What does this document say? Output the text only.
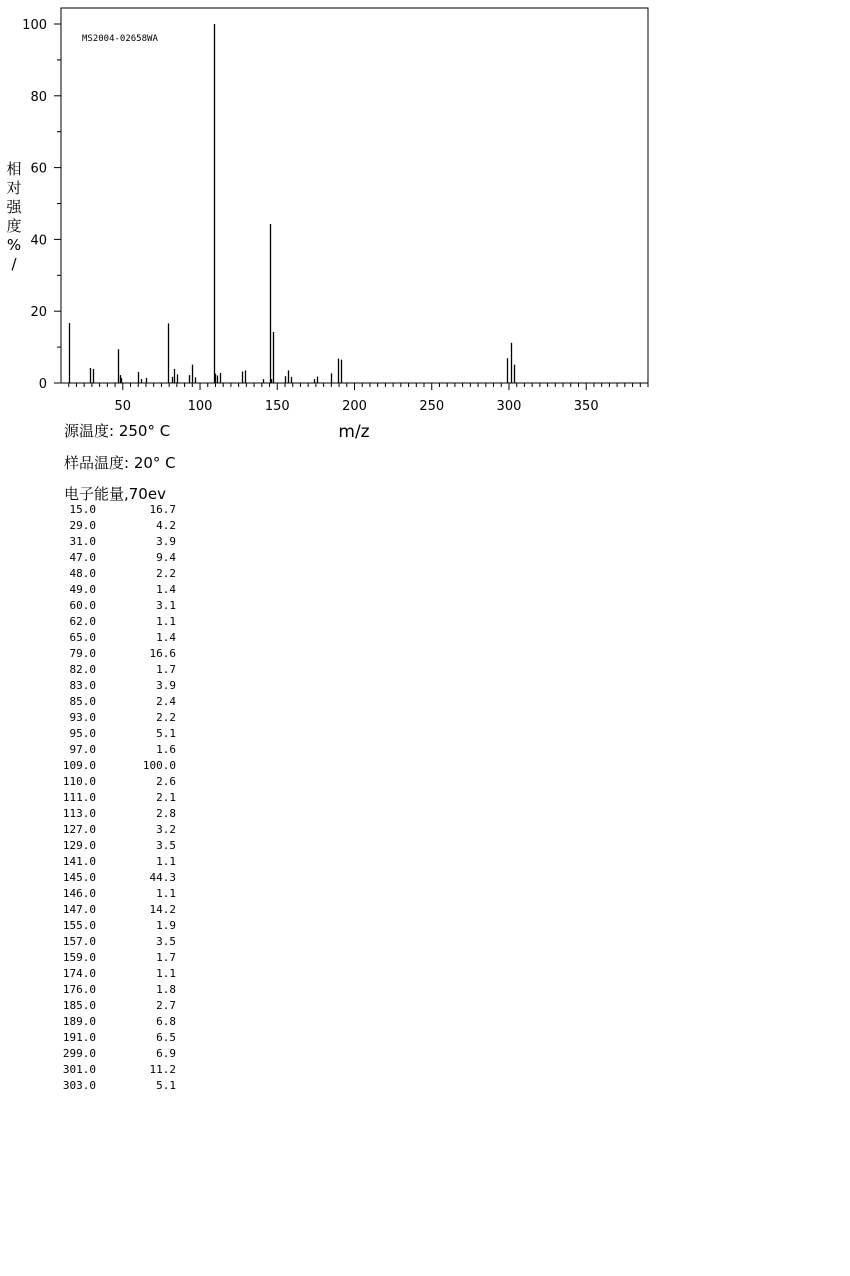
50	100	150	200	250	300	350
0
20
40
60
80
100
相对强度% /
m/z
MS2004-02658WA
源温度: 250° C
样品温度: 20° C
电子能量,70ev
15.0	16.7
29.0	4.2
31.0	3.9
47.0	9.4
48.0	2.2
49.0	1.4
60.0	3.1
62.0	1.1
65.0	1.4
79.0	16.6
82.0	1.7
83.0	3.9
85.0	2.4
93.0	2.2
95.0	5.1
97.0	1.6
109.0	100.0
110.0	2.6
111.0	2.1
113.0	2.8
127.0	3.2
129.0	3.5
141.0	1.1
145.0	44.3
146.0	1.1
147.0	14.2
155.0	1.9
157.0	3.5
159.0	1.7
174.0	1.1
176.0	1.8
185.0	2.7
189.0	6.8
191.0	6.5
299.0	6.9
301.0	11.2
303.0	5.1
